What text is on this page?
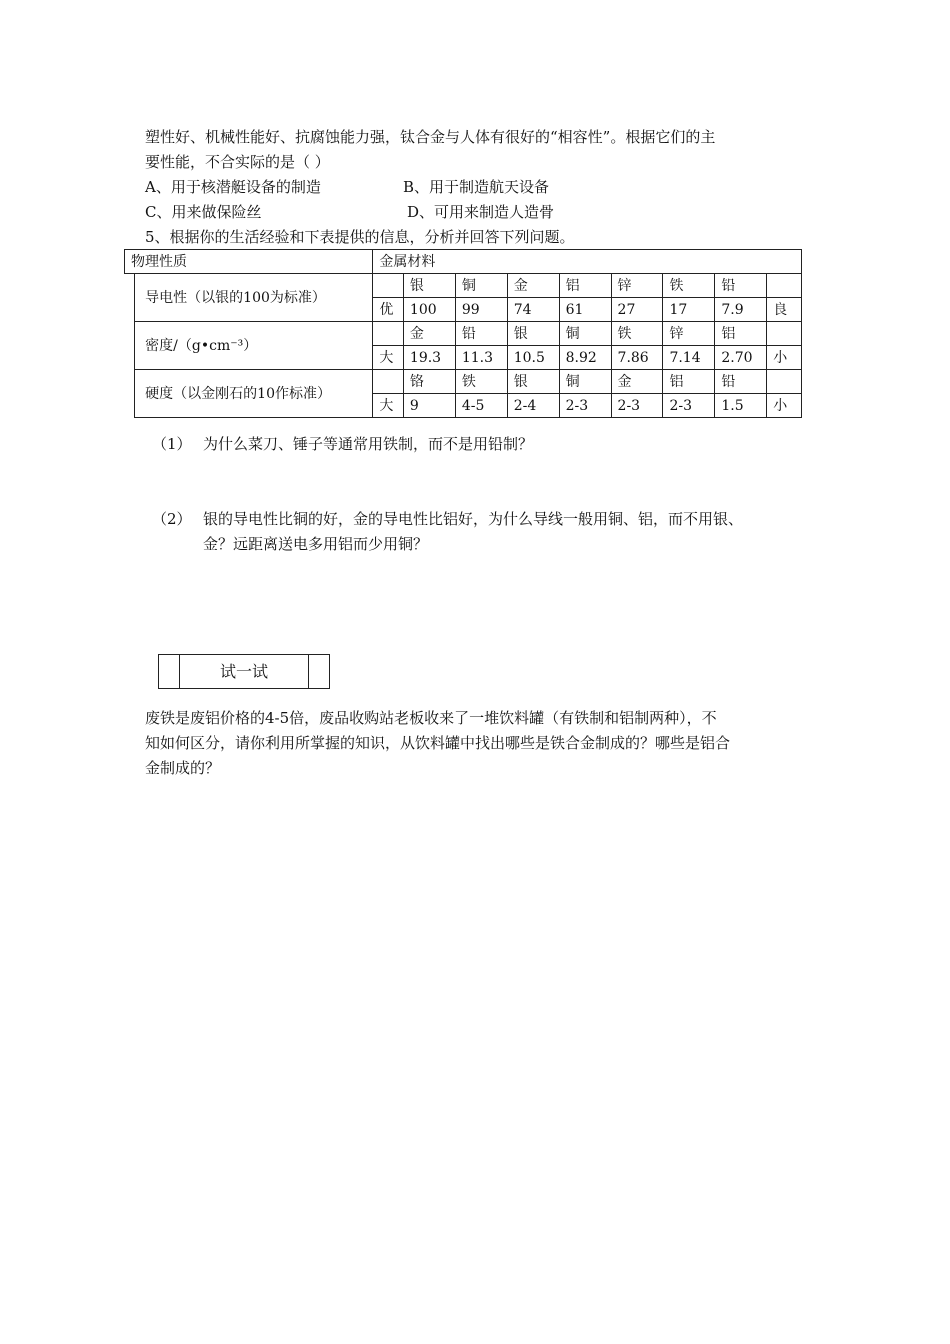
塑性好、机械性能好、抗腐蚀能力强，钛合金与人体有很好的“相容性”。根据它们的主
要性能，不合实际的是（ ）
A、用于核潜艇设备的制造	B、用于制造航天设备
C、用来做保险丝	D、可用来制造人造骨
5、根据你的生活经验和下表提供的信息，分析并回答下列问题。
物理性质		金属材料								
	导电性（以银的100为标准）		银	铜	金	铝	锌	铁	铅	
		优	100	99	74	61	27	17	7.9	良
	密度/（g•cm⁻³）		金	铅	银	铜	铁	锌	铝	
		大	19.3	11.3	10.5	8.92	7.86	7.14	2.70	小
	硬度（以金刚石的10作标准）		铬	铁	银	铜	金	铝	铅	
		大	9	4-5	2-4	2-3	2-3	2-3	1.5	小
（1） 为什么菜刀、锤子等通常用铁制，而不是用铅制？
（2） 银的导电性比铜的好，金的导电性比铝好，为什么导线一般用铜、铝，而不用银、
金？远距离送电多用铝而少用铜？
试一试
废铁是废铝价格的4-5倍，废品收购站老板收来了一堆饮料罐（有铁制和铝制两种），不
知如何区分，请你利用所掌握的知识，从饮料罐中找出哪些是铁合金制成的？哪些是铝合
金制成的？
